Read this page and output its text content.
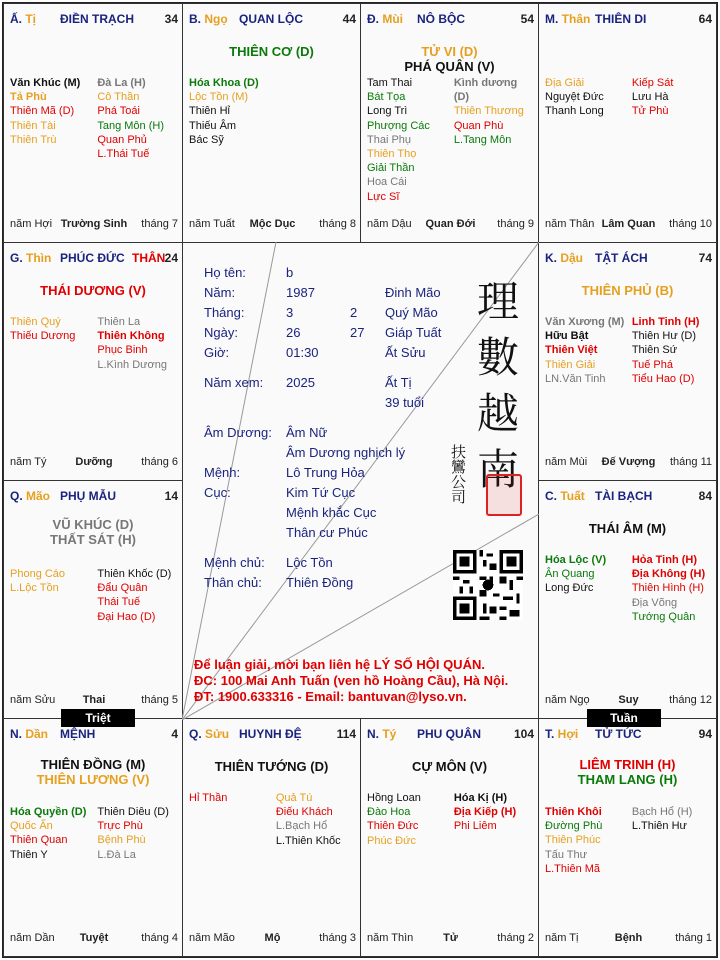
Ấ. Tị ĐIỀN TRẠCH	34
Văn Khúc (M)
Tả Phù
Thiên Mã (D)
Thiên Tài
Thiên Trù
Đà La (H)
Cô Thần
Phá Toái
Tang Môn (H)
Quan Phủ
L.Thái Tuế
năm Hợi Trường Sinh	tháng 7
B. Ngọ QUAN LỘC	44
THIÊN CƠ (D)
Hóa Khoa (D)
Lộc Tồn (M)
Thiên Hỉ
Thiếu Âm
Bác Sỹ
năm Tuất	Mộc Dục	tháng 8
Đ. Mùi NÔ BỘC	54
TỬ VI (D)
PHÁ QUÂN (V)
Tam Thai
Bát Tọa
Long Trì
Phượng Các
Thai Phụ
Thiên Thọ
Giải Thần
Hoa Cái
Lực Sĩ
Kình dương (D)
Thiên Thương
Quan Phù
L.Tang Môn
năm Dậu	Quan Đới	tháng 9
M. Thân THIÊN DI	64
Địa Giải
Nguyệt Đức
Thanh Long
Kiếp Sát
Lưu Hà
Tử Phù
năm Thân Lâm Quan	tháng 10
G. Thìn PHÚC ĐỨC THÂN 24
THÁI DƯƠNG (V)
Thiên Quý
Thiếu Dương
Thiên La
Thiên Không
Phục Binh
L.Kình Dương
năm Tý	Dưỡng	tháng 6
K. Dậu TẬT ÁCH	74
THIÊN PHỦ (B)
Văn Xương (M)
Hữu Bật
Thiên Việt
Thiên Giải
LN.Văn Tinh
Linh Tinh (H)
Thiên Hư (D)
Thiên Sứ
Tuế Phá
Tiểu Hao (D)
năm Mùi	Đế Vượng	tháng 11
Q. Mão PHỤ MẪU	14
VŨ KHÚC (D)
THẤT SÁT (H)
Phong Cáo
L.Lộc Tồn
Thiên Khốc (D)
Đẩu Quân
Thái Tuế
Đại Hao (D)
năm Sửu	Thai	tháng 5
C. Tuất TÀI BẠCH	84
THÁI ÂM (M)
Hóa Lộc (V)
Ân Quang
Long Đức
Hỏa Tinh (H)
Địa Không (H)
Thiên Hình (H)
Địa Võng
Tướng Quân
năm Ngọ	Suy	tháng 12
N. Dần MỆNH	4
THIÊN ĐỒNG (M)
THIÊN LƯƠNG (V)
Hóa Quyền (D)
Quốc Ấn
Thiên Quan
Thiên Y
Thiên Diêu (D)
Trực Phù
Bệnh Phù
L.Đà La
năm Dần	Tuyệt	tháng 4
Q. Sửu HUYNH ĐỆ	114
THIÊN TƯỚNG (D)
Hỉ Thần	Quả Tú
Điếu Khách
L.Bạch Hổ
L.Thiên Khốc
năm Mão	Mộ	tháng 3
N. Tý PHU QUÂN	104
CỰ MÔN (V)
Hồng Loan
Đào Hoa
Thiên Đức
Phúc Đức
Hóa Kị (H)
Địa Kiếp (H)
Phi Liêm
năm Thìn	Tử	tháng 2
T. Hợi TỬ TỨC	94
LIÊM TRINH (H)
THAM LANG (H)
Thiên Khôi
Đường Phù
Thiên Phúc
Tấu Thư
L.Thiên Mã
Bạch Hổ (H)
L.Thiên Hư
năm Tị	Bệnh	tháng 1
Họ tên:	b
Năm:	1987	Đinh Mão
Tháng:	3	2 Quý Mão
Ngày:	26	27 Giáp Tuất
Giờ:	01:30	Ất Sửu
Năm xem: 2025	Ất Tị
39 tuổi
Âm Dương: Âm Nữ
Âm Dương nghịch lý
Mệnh:	Lô Trung Hỏa
Cục:	Kim Tứ Cục
Mệnh khắc Cục
Thân cư Phúc
Mệnh chủ: Lộc Tồn
Thân chủ: Thiên Đồng
理
數
越
南
扶鸞公司
Để luận giải, mời bạn liên hệ LÝ SỐ HỘI QUÁN.
ĐC: 100 Mai Anh Tuấn (ven hồ Hoàng Cầu), Hà Nội.
ĐT: 1900.633316 - Email: bantuvan@lyso.vn.
Triệt	Tuần
